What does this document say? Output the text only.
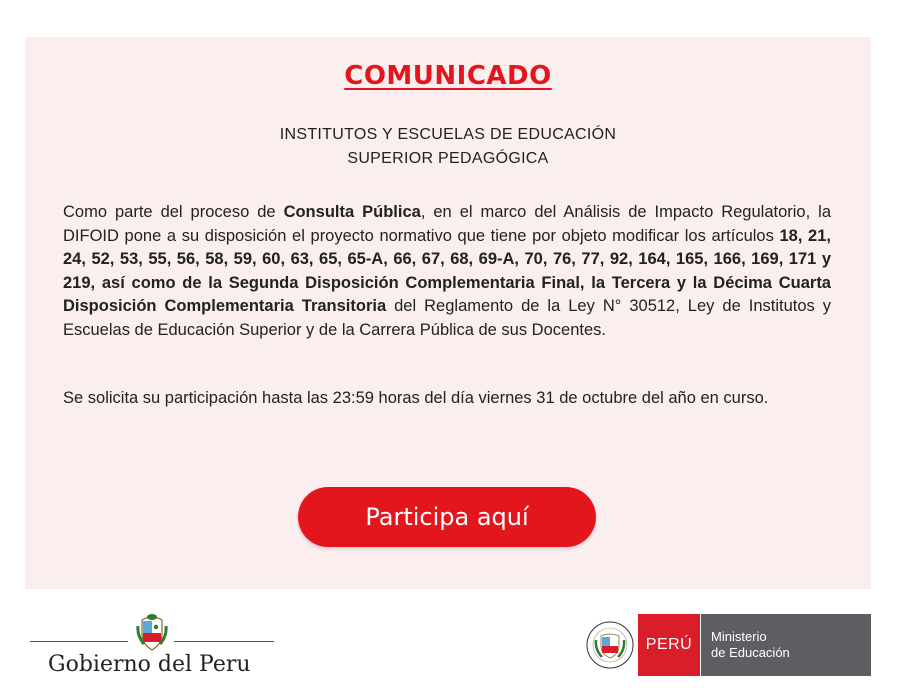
COMUNICADO
INSTITUTOS Y ESCUELAS DE EDUCACIÓN
SUPERIOR PEDAGÓGICA
Como parte del proceso de Consulta Pública, en el marco del Análisis de Impacto Regulatorio, la DIFOID pone a su disposición el proyecto normativo que tiene por objeto modificar los artículos 18, 21, 24, 52, 53, 55, 56, 58, 59, 60, 63, 65, 65-A, 66, 67, 68, 69-A, 70, 76, 77, 92, 164, 165, 166, 169, 171 y 219, así como de la Segunda Disposición Complementaria Final, la Tercera y la Décima Cuarta Disposición Complementaria Transitoria del Reglamento de la Ley N° 30512, Ley de Institutos y Escuelas de Educación Superior y de la Carrera Pública de sus Docentes.
Se solicita su participación hasta las 23:59 horas del día viernes 31 de octubre del año en curso.
Participa aquí
Gobierno del Peru
PERÚ	Ministerio
de Educación
